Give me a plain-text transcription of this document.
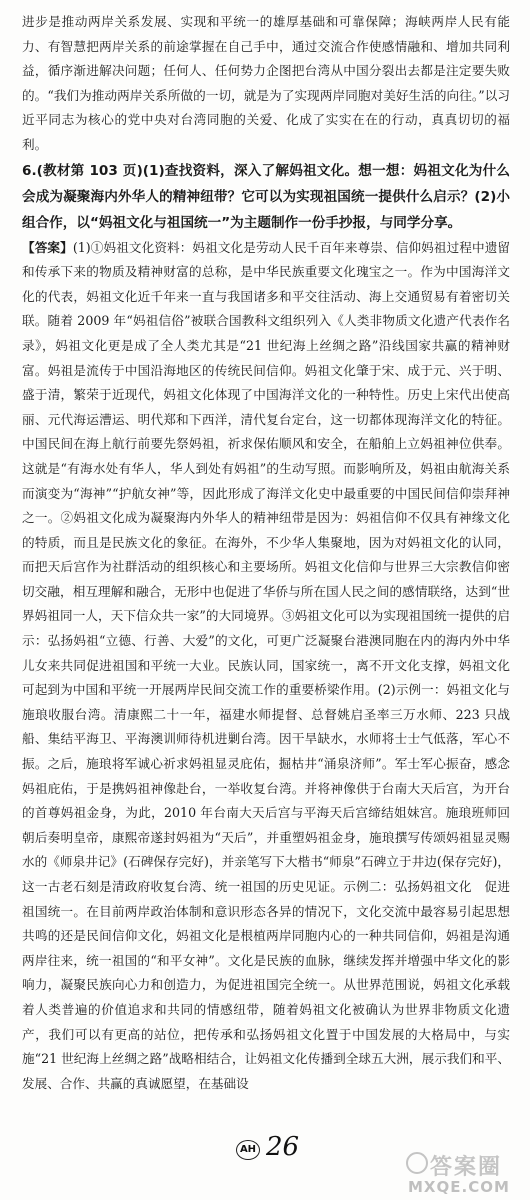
进步是推动两岸关系发展、实现和平统一的雄厚基础和可靠保障；海峡两岸人民有能力、有智慧把两岸关系的前途掌握在自己手中，通过交流合作使感情融和、增加共同利益，循序渐进解决问题；任何人、任何势力企图把台湾从中国分裂出去都是注定要失败的。“我们为推动两岸关系所做的一切，就是为了实现两岸同胞对美好生活的向往。”以习近平同志为核心的党中央对台湾同胞的关爱、化成了实实在在的行动，真真切切的福利。

6.(教材第 103 页)(1)查找资料，深入了解妈祖文化。想一想：妈祖文化为什么会成为凝聚海内外华人的精神纽带？它可以为实现祖国统一提供什么启示？(2)小组合作，以“妈祖文化与祖国统一”为主题制作一份手抄报，与同学分享。

【答案】(1)①妈祖文化资料：妈祖文化是劳动人民千百年来尊崇、信仰妈祖过程中遗留和传承下来的物质及精神财富的总称，是中华民族重要文化瑰宝之一。作为中国海洋文化的代表，妈祖文化近千年来一直与我国诸多和平交往活动、海上交通贸易有着密切关联。随着 2009 年“妈祖信俗”被联合国教科文组织列入《人类非物质文化遗产代表作名录》，妈祖文化更是成了全人类尤其是“21 世纪海上丝绸之路”沿线国家共赢的精神财富。妈祖是流传于中国沿海地区的传统民间信仰。妈祖文化肇于宋、成于元、兴于明、盛于清，繁荣于近现代，妈祖文化体现了中国海洋文化的一种特性。历史上宋代出使高丽、元代海运漕运、明代郑和下西洋，清代复台定台，这一切都体现海洋文化的特征。中国民间在海上航行前要先祭妈祖，祈求保佑顺风和安全，在船舶上立妈祖神位供奉。这就是“有海水处有华人，华人到处有妈祖”的生动写照。而影响所及，妈祖由航海关系而演变为“海神”“护航女神”等，因此形成了海洋文化史中最重要的中国民间信仰崇拜神之一。②妈祖文化成为凝聚海内外华人的精神纽带是因为：妈祖信仰不仅具有神缘文化的特质，而且是民族文化的象征。在海外，不少华人集聚地，因为对妈祖文化的认同，而把天后宫作为社群活动的组织核心和主要场所。妈祖文化信仰与世界三大宗教信仰密切交融，相互理解和融合，无形中也促进了华侨与所在国人民之间的感情联络，达到“世界妈祖同一人，天下信众共一家”的大同境界。③妈祖文化可以为实现祖国统一提供的启示：弘扬妈祖“立德、行善、大爱”的文化，可更广泛凝聚台港澳同胞在内的海内外中华儿女来共同促进祖国和平统一大业。民族认同，国家统一，离不开文化支撑，妈祖文化可起到为中国和平统一开展两岸民间交流工作的重要桥梁作用。(2)示例一：妈祖文化与施琅收服台湾。清康熙二十一年，福建水师提督、总督姚启圣率三万水师、223 只战船、集结平海卫、平海澳训师待机进剿台湾。因干旱缺水，水师将士士气低落，军心不振。之后，施琅将军诚心祈求妈祖显灵庇佑，掘枯井“涌泉济师”。军士军心振奋，感念妈祖庇佑，于是携妈祖神像赴台，一举收复台湾。并将神像供于台南大天后宫，为开台的首尊妈祖金身，为此，2010 年台南大天后宫与平海天后宫缔结姐妹宫。施琅班师回朝后奏明皇帝，康熙帝遂封妈祖为“天后”，并重塑妈祖金身，施琅撰写传颂妈祖显灵赐水的《师泉井记》(石碑保存完好)，并亲笔写下大楷书“师泉”石碑立于井边(保存完好)，这一古老石刻是清政府收复台湾、统一祖国的历史见证。示例二：弘扬妈祖文化　促进祖国统一。在目前两岸政治体制和意识形态各异的情况下，文化交流中最容易引起思想共鸣的还是民间信仰文化，妈祖文化是根植两岸同胞内心的一种共同信仰，妈祖是沟通两岸往来，统一祖国的“和平女神”。文化是民族的血脉，继续发挥并增强中华文化的影响力，凝聚民族向心力和创造力，为促进祖国完全统一。从世界范围说，妈祖文化承载着人类普遍的价值追求和共同的情感纽带，随着妈祖文化被确认为世界非物质文化遗产，我们可以有更高的站位，把传承和弘扬妈祖文化置于中国发展的大格局中，与实施“21 世纪海上丝绸之路”战略相结合，让妈祖文化传播到全球五大洲，展示我们和平、发展、合作、共赢的真诚愿望，在基础设

AH 26
答案圈
MXQE.COM
